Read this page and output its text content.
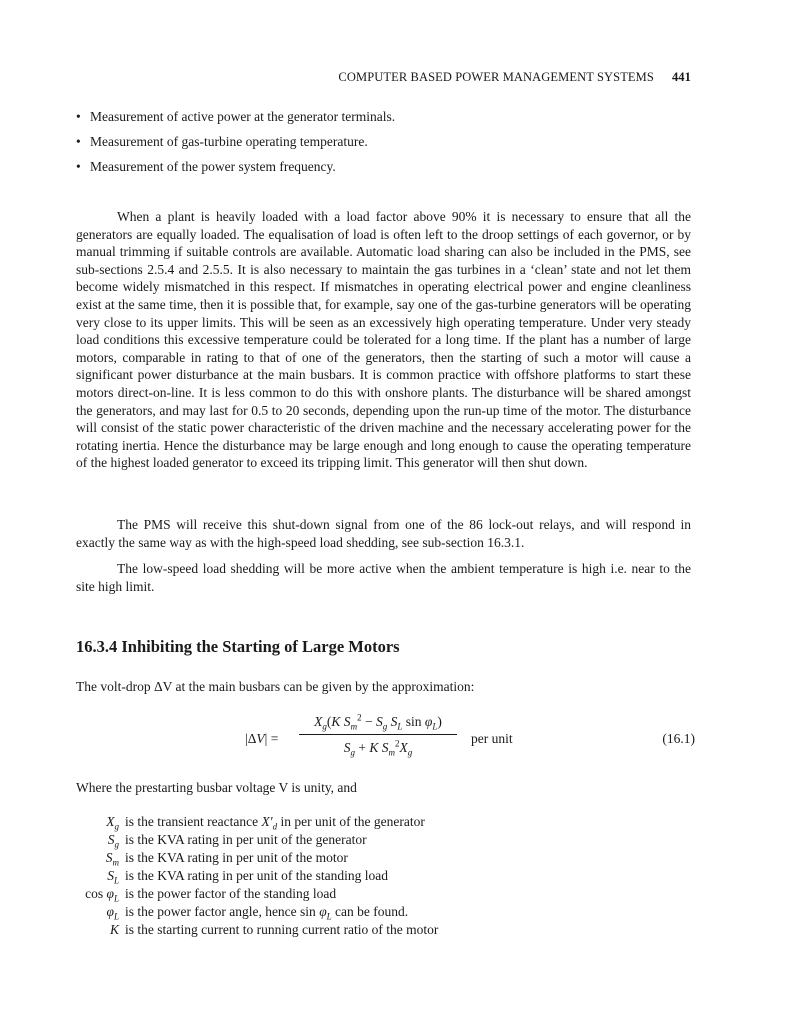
COMPUTER BASED POWER MANAGEMENT SYSTEMS 441
• Measurement of active power at the generator terminals.
• Measurement of gas-turbine operating temperature.
• Measurement of the power system frequency.

When a plant is heavily loaded with a load factor above 90% it is necessary to ensure that all the generators are equally loaded. The equalisation of load is often left to the droop settings of each governor, or by manual trimming if suitable controls are available. Automatic load sharing can also be included in the PMS, see sub-sections 2.5.4 and 2.5.5. It is also necessary to maintain the gas turbines in a ‘clean’ state and not let them become widely mismatched in this respect. If mismatches in operating electrical power and engine cleanliness exist at the same time, then it is possible that, for example, say one of the gas-turbine generators will be operating very close to its upper limits. This will be seen as an excessively high operating temperature. Under very steady load conditions this excessive temperature could be tolerated for a long time. If the plant has a number of large motors, comparable in rating to that of one of the generators, then the starting of such a motor will cause a significant power disturbance at the main busbars. It is common practice with offshore platforms to start these motors direct-on-line. It is less common to do this with onshore plants. The disturbance will be shared amongst the generators, and may last for 0.5 to 20 seconds, depending upon the run-up time of the motor. The disturbance will consist of the static power characteristic of the driven machine and the necessary accelerating power for the rotating inertia. Hence the disturbance may be large enough and long enough to cause the operating temperature of the highest loaded generator to exceed its tripping limit. This generator will then shut down.

The PMS will receive this shut-down signal from one of the 86 lock-out relays, and will respond in exactly the same way as with the high-speed load shedding, see sub-section 16.3.1.

The low-speed load shedding will be more active when the ambient temperature is high i.e. near to the site high limit.

16.3.4 Inhibiting the Starting of Large Motors
The volt-drop ΔV at the main busbars can be given by the approximation:
|ΔV| =
$X_g(K$ $S_m^2 - S_g$ $S_L$ $\sin \varphi_L$)
$S_g + K$ $S_m^2X_g$
per unit	(16.1)
Where the prestarting busbar voltage V is unity, and
$X_g$ is the transient reactance $X'_d$ in per unit of the generator
$S_g$ is the KVA rating in per unit of the generator
$S_m$ is the KVA rating in per unit of the motor
$S_L$ is the KVA rating in per unit of the standing load
$\cos \varphi_L$ is the power factor of the standing load
$\varphi_L$ is the power factor angle, hence $\sin \varphi_L$ can be found.
K is the starting current to running current ratio of the motor
